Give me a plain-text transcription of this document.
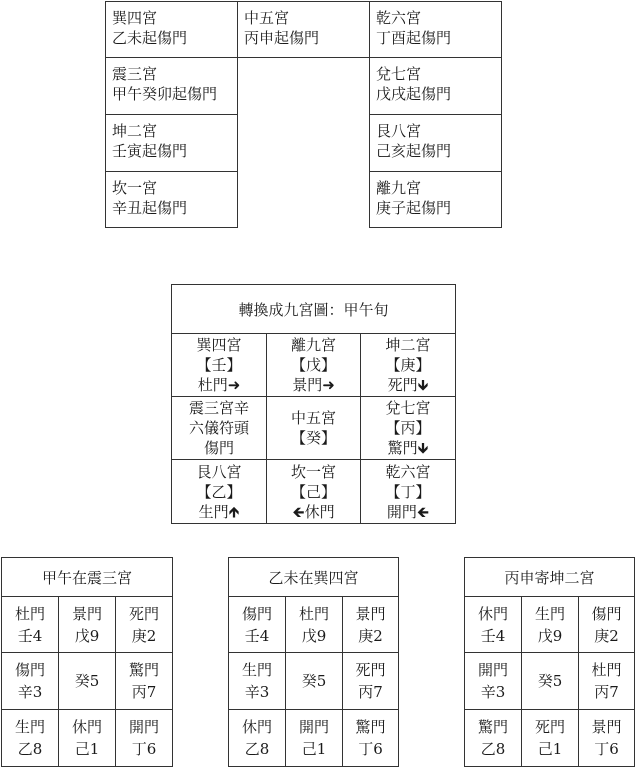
巽四宮
乙未起傷門
中五宮
丙申起傷門
乾六宮
丁酉起傷門
震三宮
甲午癸卯起傷門
兌七宮
戊戌起傷門
坤二宮
壬寅起傷門
艮八宮
己亥起傷門
坎一宮
辛丑起傷門
離九宮
庚子起傷門
轉換成九宮圖：甲午旬
巽四宮
【壬】
杜門➜
離九宮
【戊】
景門➜
坤二宮
【庚】
死門🡻
震三宮辛
六儀符頭
傷門
中五宮
【癸】
兌七宮
【丙】
驚門🡻
艮八宮
【乙】
生門🡹
坎一宮
【己】
🡸休門
乾六宮
【丁】
開門🡸
甲午在震三宮
杜門
壬4
景門
戊9
死門
庚2
傷門
辛3
癸5
驚門
丙7
生門
乙8
休門
己1
開門
丁6
乙未在巽四宮
傷門
壬4
杜門
戊9
景門
庚2
生門
辛3
癸5
死門
丙7
休門
乙8
開門
己1
驚門
丁6
丙申寄坤二宮
休門
壬4
生門
戊9
傷門
庚2
開門
辛3
癸5
杜門
丙7
驚門
乙8
死門
己1
景門
丁6
